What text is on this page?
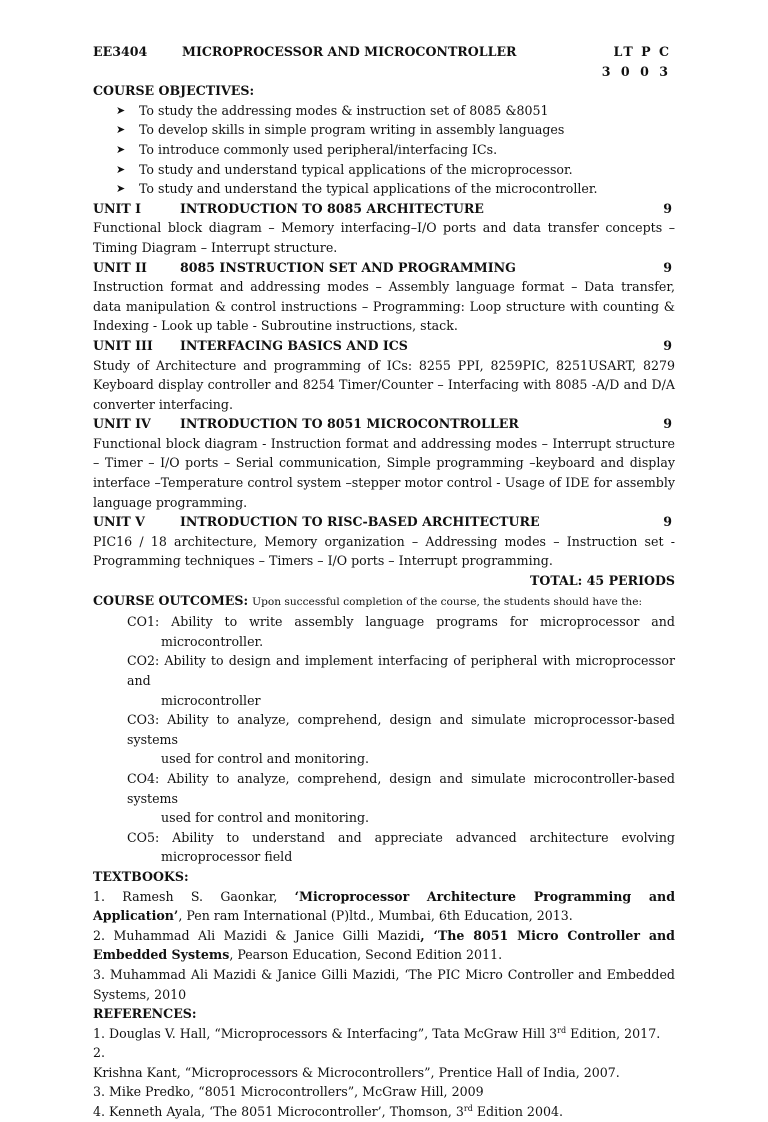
EE3404	MICROPROCESSOR AND MICROCONTROLLER	LT P C
3 0 0 3
COURSE OBJECTIVES:
➤ To study the addressing modes & instruction set of 8085 &8051
➤ To develop skills in simple program writing in assembly languages
➤ To introduce commonly used peripheral/interfacing ICs.
➤ To study and understand typical applications of the microprocessor.
➤ To study and understand the typical applications of the microcontroller.
UNIT I	INTRODUCTION TO 8085 ARCHITECTURE	9
Functional block diagram – Memory interfacing–I/O ports and data transfer concepts – Timing Diagram – Interrupt structure.
UNIT II	8085 INSTRUCTION SET AND PROGRAMMING	9
Instruction format and addressing modes – Assembly language format – Data transfer, data manipulation & control instructions – Programming: Loop structure with counting & Indexing - Look up table - Subroutine instructions, stack.
UNIT III INTERFACING BASICS AND ICS	9
Study of Architecture and programming of ICs: 8255 PPI, 8259PIC, 8251USART, 8279 Keyboard display controller and 8254 Timer/Counter – Interfacing with 8085 -A/D and D/A converter interfacing.
UNIT IV INTRODUCTION TO 8051 MICROCONTROLLER	9
Functional block diagram - Instruction format and addressing modes – Interrupt structure – Timer – I/O ports – Serial communication, Simple programming –keyboard and display interface –Temperature control system –stepper motor control - Usage of IDE for assembly language programming.
UNIT V	INTRODUCTION TO RISC-BASED ARCHITECTURE	9
PIC16 / 18 architecture, Memory organization – Addressing modes – Instruction set - Programming techniques – Timers – I/O ports – Interrupt programming.
TOTAL: 45 PERIODS
COURSE OUTCOMES: Upon successful completion of the course, the students should have the:
CO1: Ability to write assembly language programs for microprocessor and
microcontroller.
CO2: Ability to design and implement interfacing of peripheral with microprocessor and
microcontroller
CO3: Ability to analyze, comprehend, design and simulate microprocessor-based systems
used for control and monitoring.
CO4: Ability to analyze, comprehend, design and simulate microcontroller-based systems
used for control and monitoring.
CO5: Ability to understand and appreciate advanced architecture evolving
microprocessor field
TEXTBOOKS:
1. Ramesh S. Gaonkar, ‘Microprocessor Architecture Programming and Application’, Pen ram International (P)ltd., Mumbai, 6th Education, 2013.
2. Muhammad Ali Mazidi & Janice Gilli Mazidi, ‘The 8051 Micro Controller and Embedded Systems, Pearson Education, Second Edition 2011.
3. Muhammad Ali Mazidi & Janice Gilli Mazidi, ‘The PIC Micro Controller and Embedded Systems, 2010
REFERENCES:
1. Douglas V. Hall, “Microprocessors & Interfacing”, Tata McGraw Hill 3rd Edition, 2017. 2.
Krishna Kant, “Microprocessors & Microcontrollers”, Prentice Hall of India, 2007.
3. Mike Predko, “8051 Microcontrollers”, McGraw Hill, 2009
4. Kenneth Ayala, ‘The 8051 Microcontroller’, Thomson, 3rd Edition 2004.
